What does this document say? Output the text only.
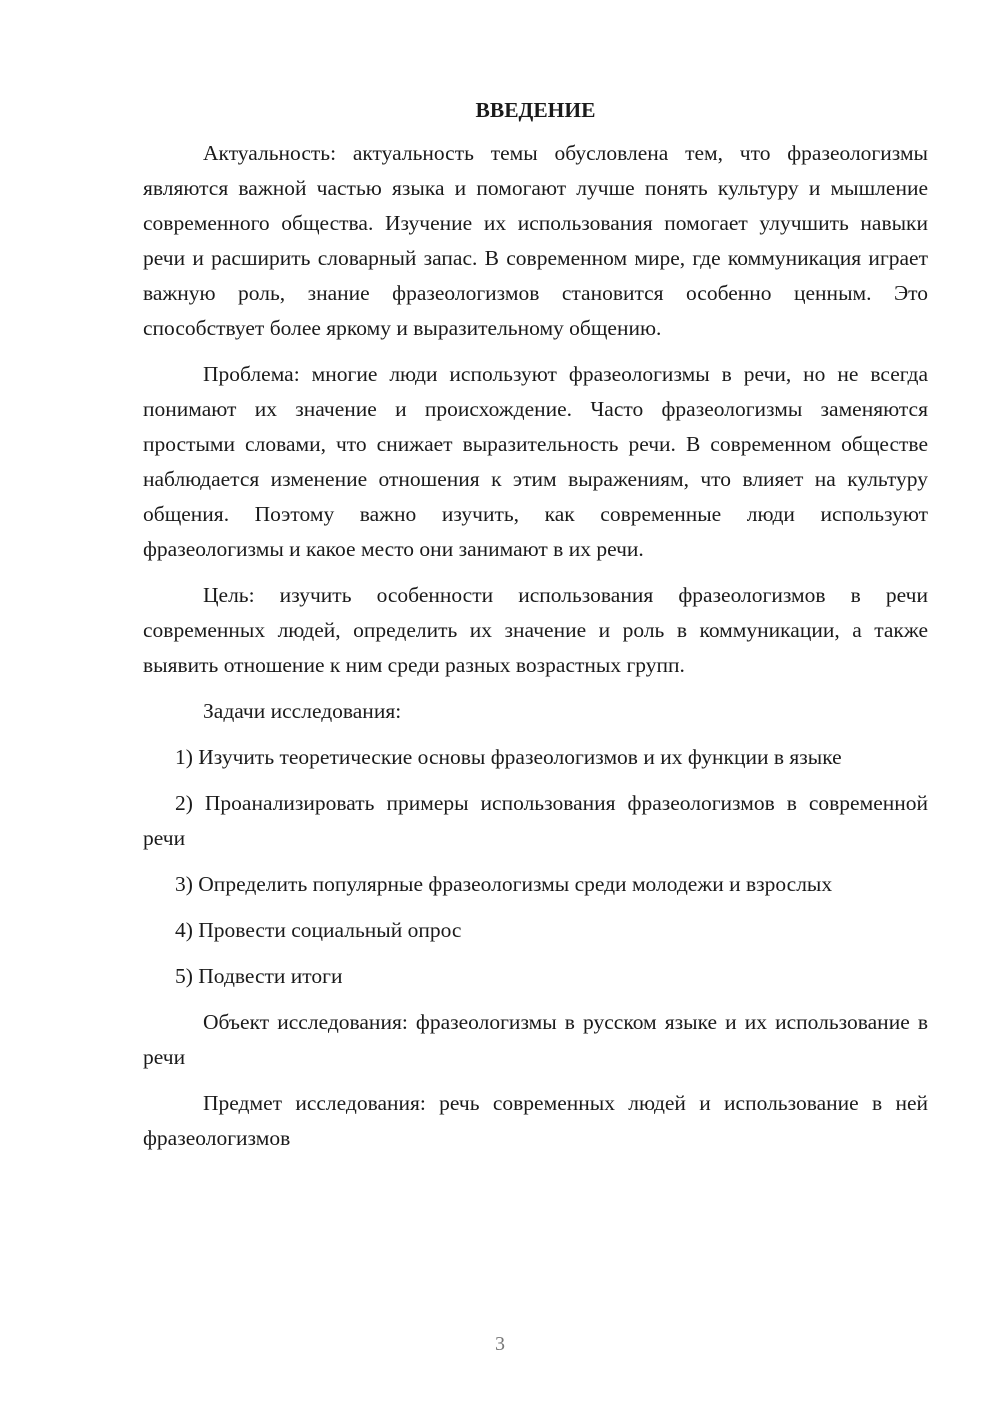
ВВЕДЕНИЕ

Актуальность: актуальность темы обусловлена тем, что фразеологизмы являются важной частью языка и помогают лучше понять культуру и мышление современного общества. Изучение их использования помогает улучшить навыки речи и расширить словарный запас. В современном мире, где коммуникация играет важную роль, знание фразеологизмов становится особенно ценным. Это способствует более яркому и выразительному общению.

Проблема: многие люди используют фразеологизмы в речи, но не всегда понимают их значение и происхождение. Часто фразеологизмы заменяются простыми словами, что снижает выразительность речи. В современном обществе наблюдается изменение отношения к этим выражениям, что влияет на культуру общения. Поэтому важно изучить, как современные люди используют фразеологизмы и какое место они занимают в их речи.

Цель: изучить особенности использования фразеологизмов в речи современных людей, определить их значение и роль в коммуникации, а также выявить отношение к ним среди разных возрастных групп.

Задачи исследования:

1) Изучить теоретические основы фразеологизмов и их функции в языке

2) Проанализировать примеры использования фразеологизмов в современной речи

3) Определить популярные фразеологизмы среди молодежи и взрослых

4) Провести социальный опрос

5) Подвести итоги

Объект исследования: фразеологизмы в русском языке и их использование в речи

Предмет исследования: речь современных людей и использование в ней фразеологизмов

3
